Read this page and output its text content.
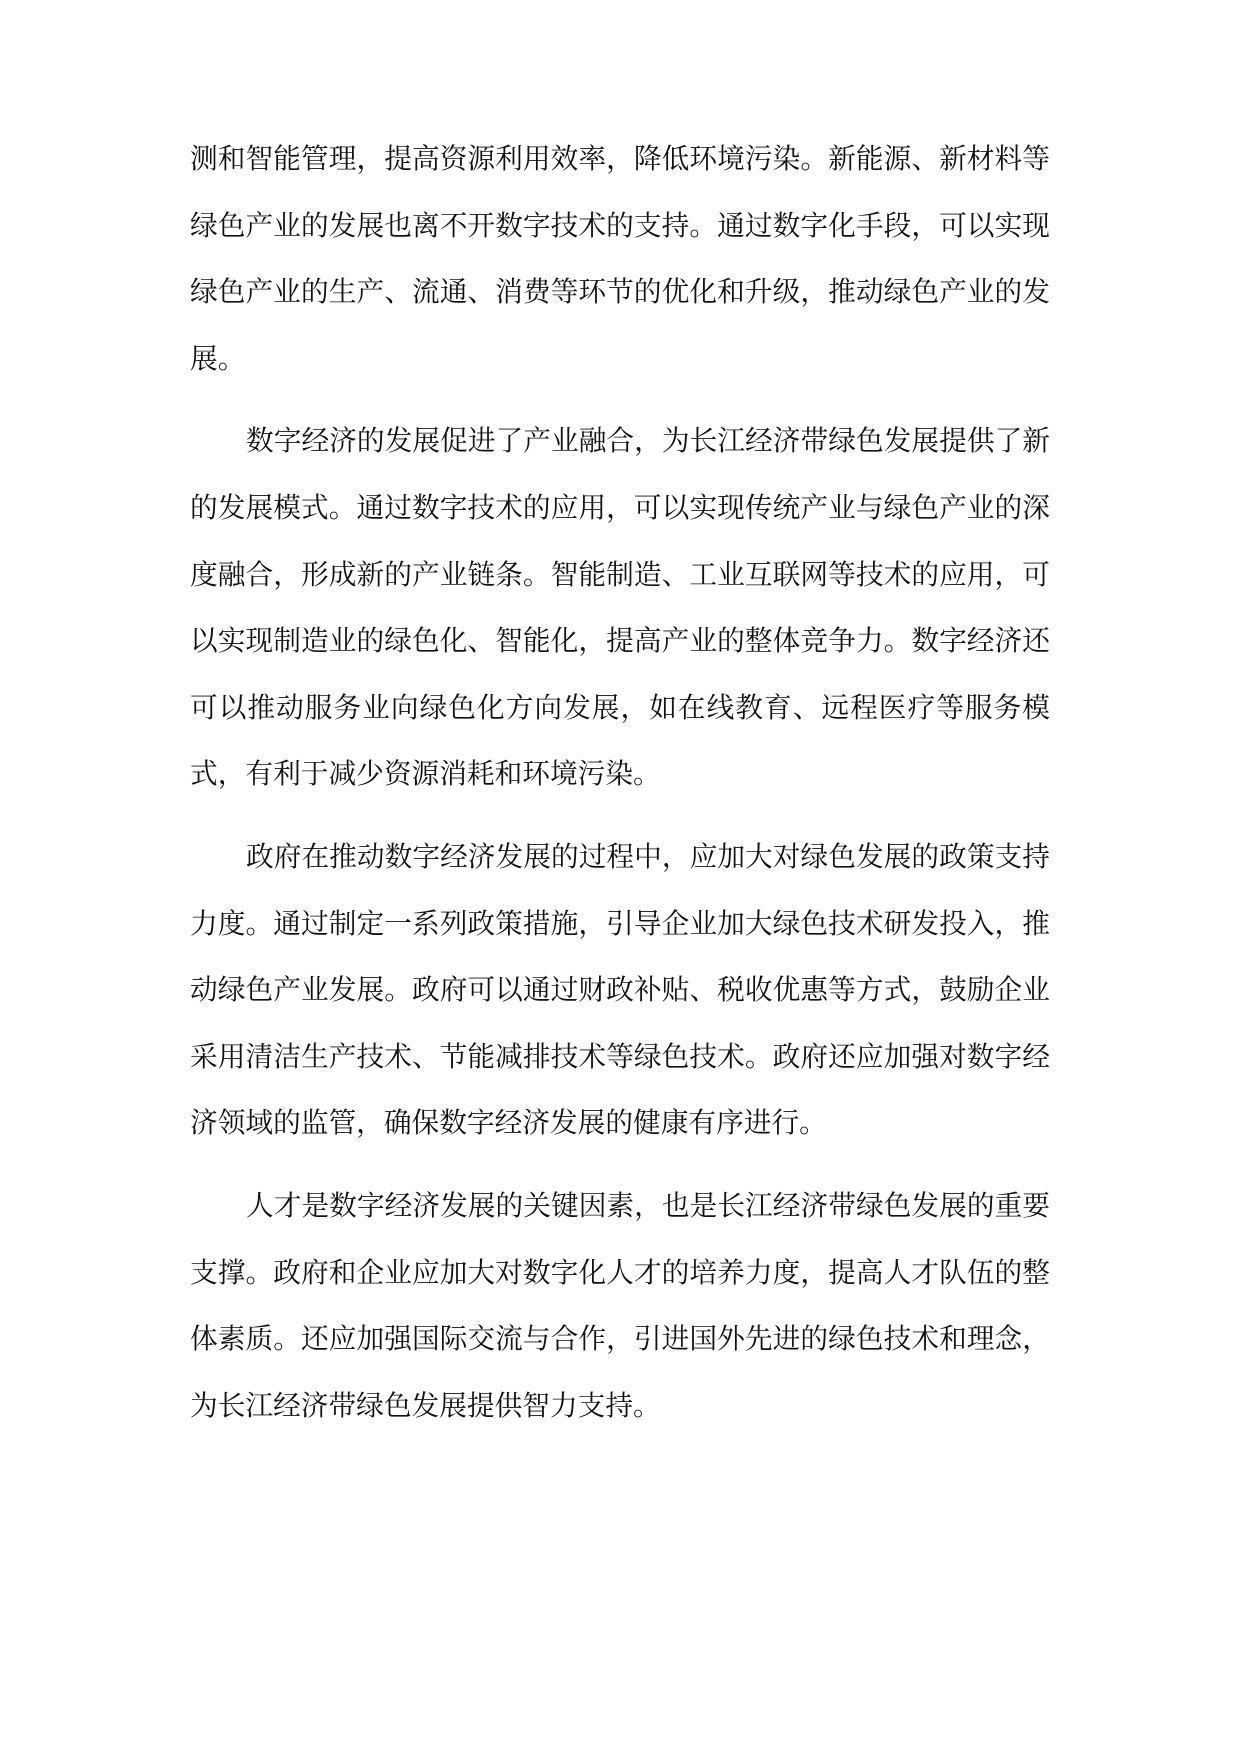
测和智能管理，提高资源利用效率，降低环境污染。新能源、新材料等绿色产业的发展也离不开数字技术的支持。通过数字化手段，可以实现绿色产业的生产、流通、消费等环节的优化和升级，推动绿色产业的发展。

数字经济的发展促进了产业融合，为长江经济带绿色发展提供了新的发展模式。通过数字技术的应用，可以实现传统产业与绿色产业的深度融合，形成新的产业链条。智能制造、工业互联网等技术的应用，可以实现制造业的绿色化、智能化，提高产业的整体竞争力。数字经济还可以推动服务业向绿色化方向发展，如在线教育、远程医疗等服务模式，有利于减少资源消耗和环境污染。

政府在推动数字经济发展的过程中，应加大对绿色发展的政策支持力度。通过制定一系列政策措施，引导企业加大绿色技术研发投入，推动绿色产业发展。政府可以通过财政补贴、税收优惠等方式，鼓励企业采用清洁生产技术、节能减排技术等绿色技术。政府还应加强对数字经济领域的监管，确保数字经济发展的健康有序进行。

人才是数字经济发展的关键因素，也是长江经济带绿色发展的重要支撑。政府和企业应加大对数字化人才的培养力度，提高人才队伍的整体素质。还应加强国际交流与合作，引进国外先进的绿色技术和理念，为长江经济带绿色发展提供智力支持。
